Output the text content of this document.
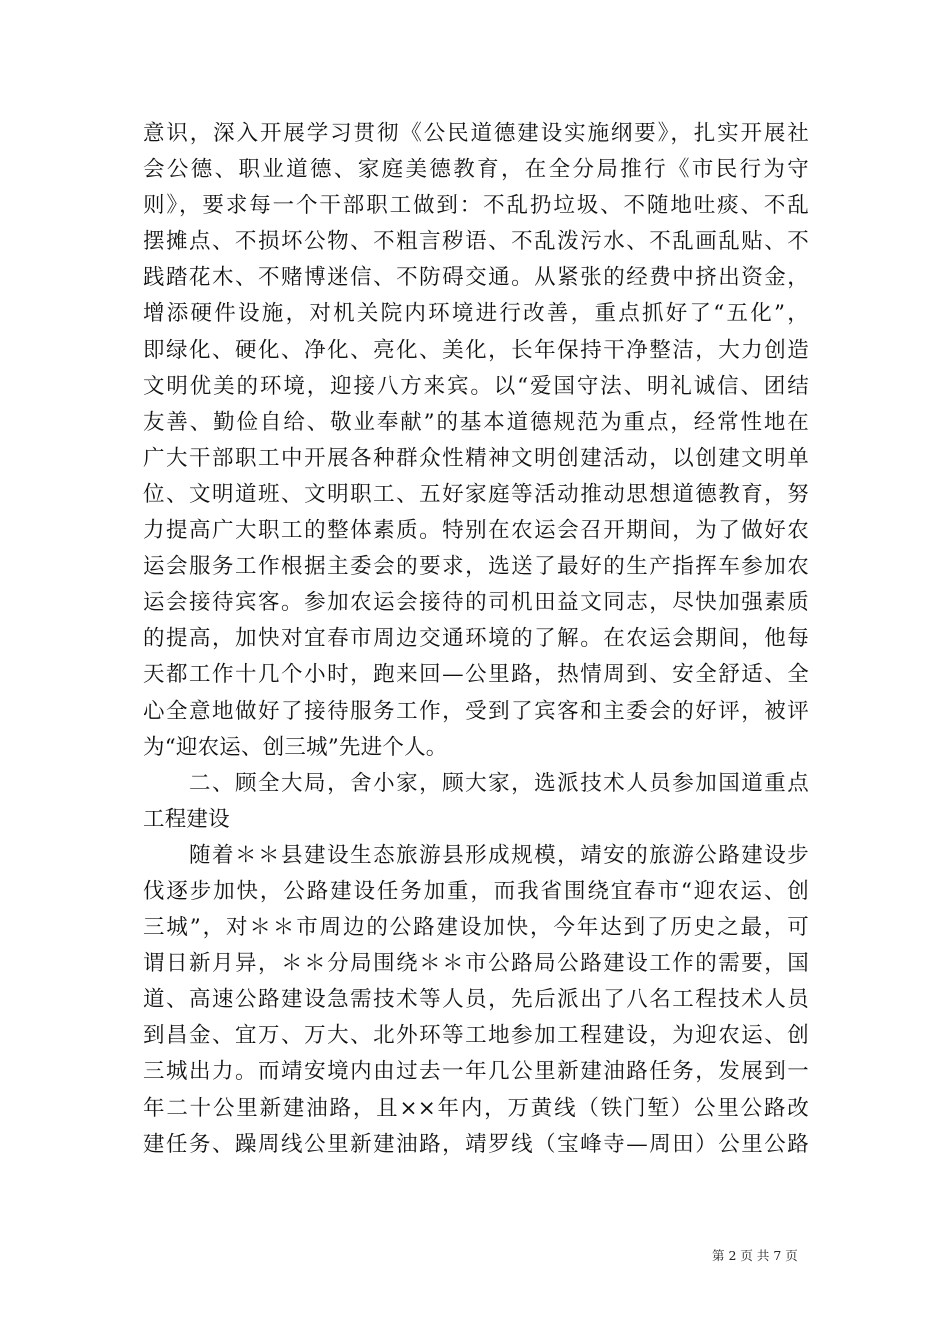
意识，深入开展学习贯彻《公民道德建设实施纲要》，扎实开展社
会公德、职业道德、家庭美德教育，在全分局推行《市民行为守
则》，要求每一个干部职工做到：不乱扔垃圾、不随地吐痰、不乱
摆摊点、不损坏公物、不粗言秽语、不乱泼污水、不乱画乱贴、不
践踏花木、不赌博迷信、不防碍交通。从紧张的经费中挤出资金，
增添硬件设施，对机关院内环境进行改善，重点抓好了“五化”，
即绿化、硬化、净化、亮化、美化，长年保持干净整洁，大力创造
文明优美的环境，迎接八方来宾。以“爱国守法、明礼诚信、团结
友善、勤俭自给、敬业奉献”的基本道德规范为重点，经常性地在
广大干部职工中开展各种群众性精神文明创建活动，以创建文明单
位、文明道班、文明职工、五好家庭等活动推动思想道德教育，努
力提高广大职工的整体素质。特别在农运会召开期间，为了做好农
运会服务工作根据主委会的要求，选送了最好的生产指挥车参加农
运会接待宾客。参加农运会接待的司机田益文同志，尽快加强素质
的提高，加快对宜春市周边交通环境的了解。在农运会期间，他每
天都工作十几个小时，跑来回—公里路，热情周到、安全舒适、全
心全意地做好了接待服务工作，受到了宾客和主委会的好评，被评
为“迎农运、创三城”先进个人。
二、顾全大局，舍小家，顾大家，选派技术人员参加国道重点
工程建设
随着＊＊县建设生态旅游县形成规模，靖安的旅游公路建设步
伐逐步加快，公路建设任务加重，而我省围绕宜春市“迎农运、创
三城”，对＊＊市周边的公路建设加快，今年达到了历史之最，可
谓日新月异，＊＊分局围绕＊＊市公路局公路建设工作的需要，国
道、高速公路建设急需技术等人员，先后派出了八名工程技术人员
到昌金、宜万、万大、北外环等工地参加工程建设，为迎农运、创
三城出力。而靖安境内由过去一年几公里新建油路任务，发展到一
年二十公里新建油路，且××年内，万黄线（铁门堑）公里公路改
建任务、躁周线公里新建油路，靖罗线（宝峰寺—周田）公里公路
第 2 页 共 7 页
